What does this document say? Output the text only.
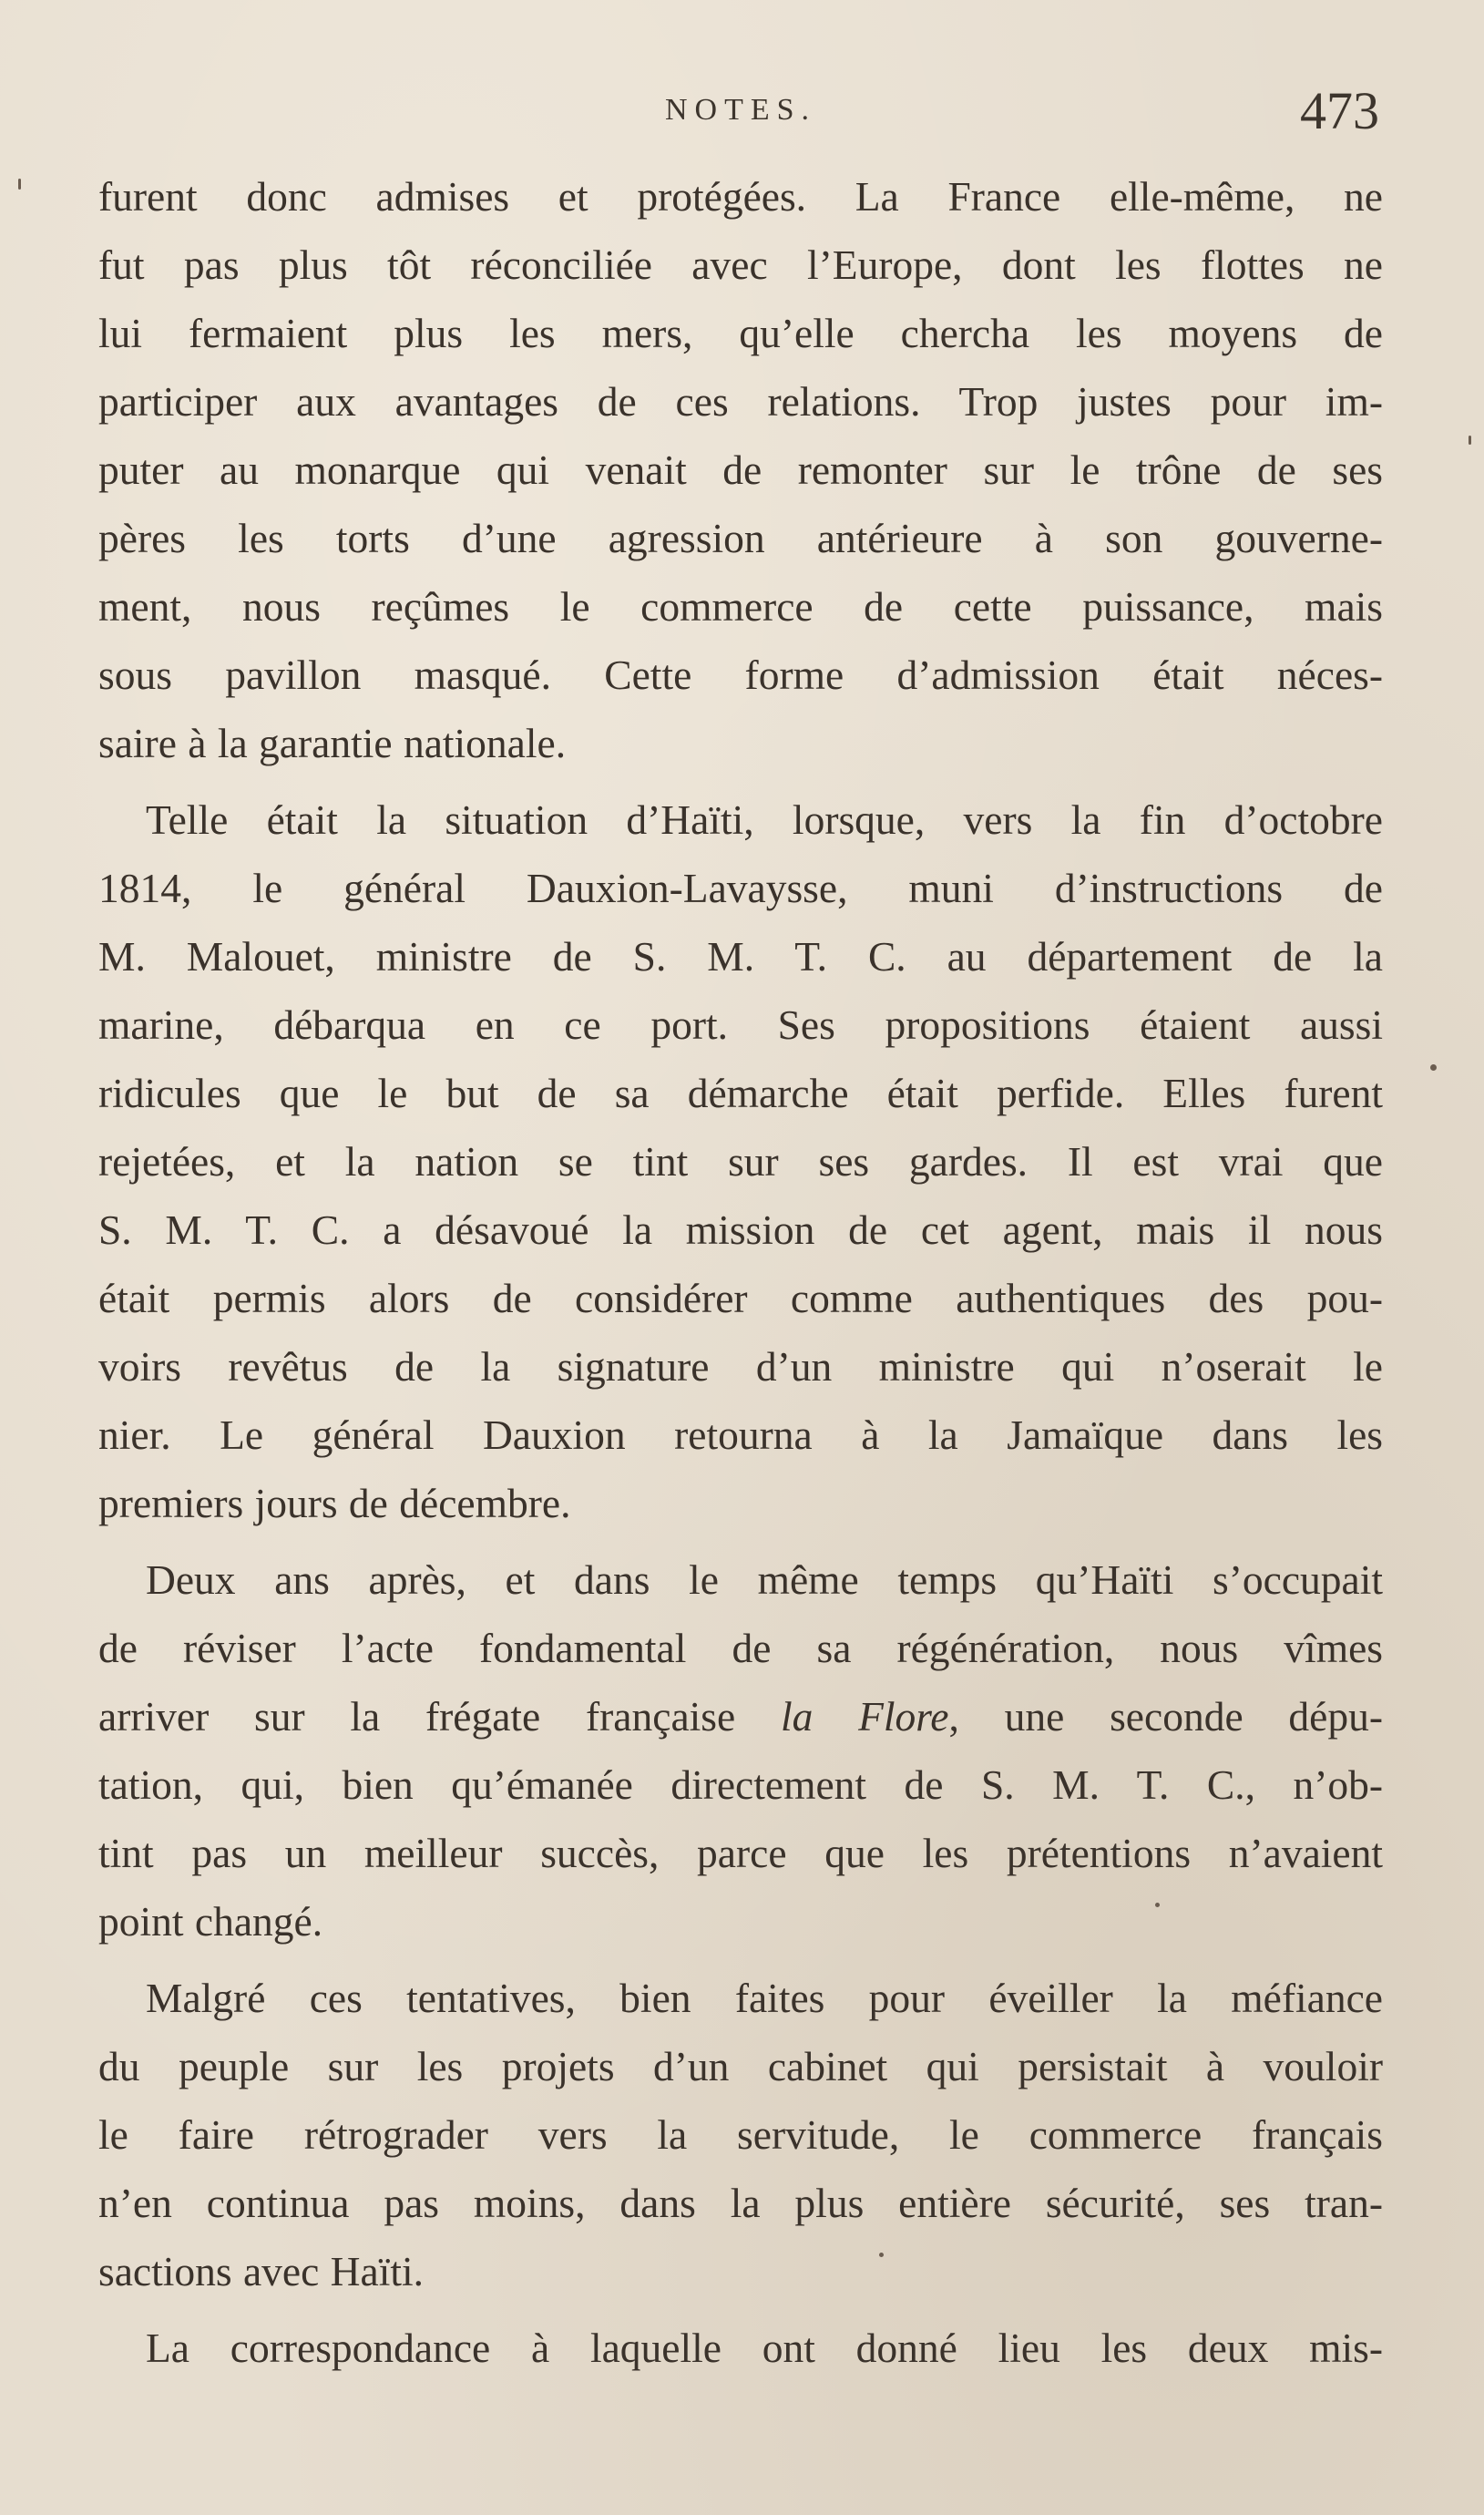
NOTES.	473

furent donc admises et protégées. La France elle-même, ne
fut pas plus tôt réconciliée avec l’Europe, dont les flottes ne
lui fermaient plus les mers, qu’elle chercha les moyens de
participer aux avantages de ces relations. Trop justes pour im-
puter au monarque qui venait de remonter sur le trône de ses
pères les torts d’une agression antérieure à son gouverne-
ment, nous reçûmes le commerce de cette puissance, mais
sous pavillon masqué. Cette forme d’admission était néces-
saire à la garantie nationale.

Telle était la situation d’Haïti, lorsque, vers la fin d’octobre
1814, le général Dauxion-Lavaysse, muni d’instructions de
M. Malouet, ministre de S. M. T. C. au département de la
marine, débarqua en ce port. Ses propositions étaient aussi
ridicules que le but de sa démarche était perfide. Elles furent
rejetées, et la nation se tint sur ses gardes. Il est vrai que
S. M. T. C. a désavoué la mission de cet agent, mais il nous
était permis alors de considérer comme authentiques des pou-
voirs revêtus de la signature d’un ministre qui n’oserait le
nier. Le général Dauxion retourna à la Jamaïque dans les
premiers jours de décembre.

Deux ans après, et dans le même temps qu’Haïti s’occupait
de réviser l’acte fondamental de sa régénération, nous vîmes
arriver sur la frégate française la Flore, une seconde dépu-
tation, qui, bien qu’émanée directement de S. M. T. C., n’ob-
tint pas un meilleur succès, parce que les prétentions n’avaient
point changé.

Malgré ces tentatives, bien faites pour éveiller la méfiance
du peuple sur les projets d’un cabinet qui persistait à vouloir
le faire rétrograder vers la servitude, le commerce français
n’en continua pas moins, dans la plus entière sécurité, ses tran-
sactions avec Haïti.

La correspondance à laquelle ont donné lieu les deux mis-
